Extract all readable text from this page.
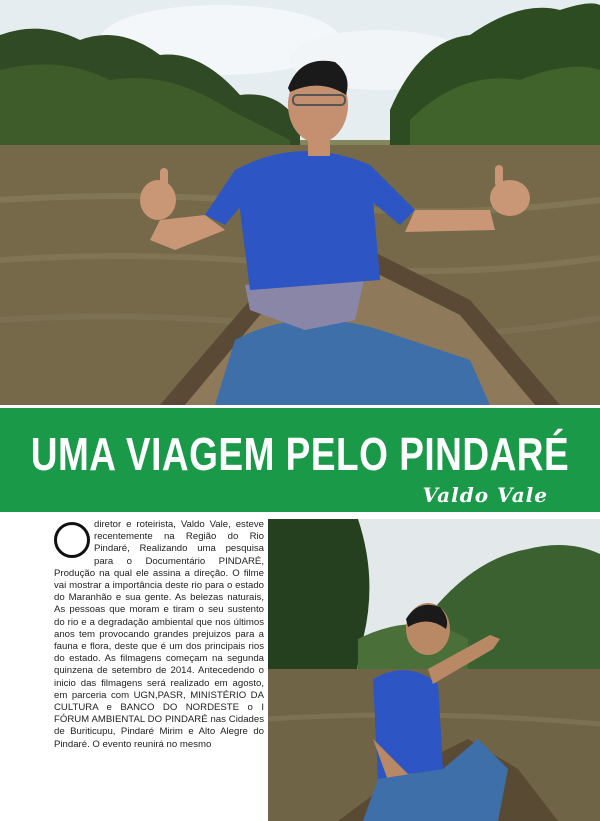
UMA VIAGEM PELO PINDARÉ
Valdo Vale
diretor e roteirista, Valdo Vale, esteve recentemente na Região do Rio Pindaré, Realizando uma pesquisa para o Documentário PINDARÉ, Produção na qual ele assina a direção. O filme vai mostrar a importância deste rio para o estado do Maranhão e sua gente. As belezas naturais, As pessoas que moram e tiram o seu sustento do rio e a degradação ambiental que nos últimos anos tem provocando grandes prejuizos para a fauna e flora, deste que é um dos principais rios do estado. As filmagens começam na segunda quinzena de setembro de 2014. Antecedendo o inicio das filmagens será realizado em agosto, em parceria com UGN,PASR, MINISTÉRIO DA CULTURA e BANCO DO NORDESTE o I FÓRUM AMBIENTAL DO PINDARÉ nas Cidades de Buriticupu, Pindaré Mirim e Alto Alegre do Pindaré. O evento reunirá no mesmo
